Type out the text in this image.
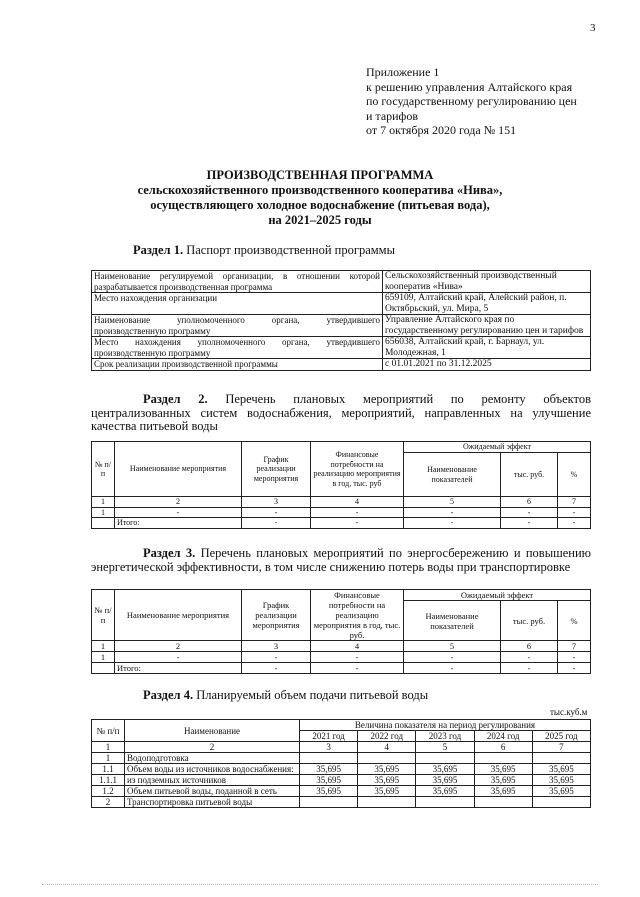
3
Приложение 1
к решению управления Алтайского края
по государственному регулированию цен
и тарифов
от 7 октября 2020 года № 151
ПРОИЗВОДСТВЕННАЯ ПРОГРАММА
сельскохозяйственного производственного кооператива «Нива»,
осуществляющего холодное водоснабжение (питьевая вода),
на 2021–2025 годы
Раздел 1. Паспорт производственной программы
Наименование регулируемой организации, в отношении которой разрабатывается производственная программа	Сельскохозяйственный производственный кооператив «Нива»
Место нахождения организации	659109, Алтайский край, Алейский район, п. Октябрьский, ул. Мира, 5
Наименование уполномоченного органа, утвердившего производственную программу	Управление Алтайского края по государственному регулированию цен и тарифов
Место нахождения уполномоченного органа, утвердившего производственную программу	656038, Алтайский край, г. Барнаул, ул. Молодежная, 1
Срок реализации производственной программы	с 01.01.2021 по 31.12.2025
Раздел 2. Перечень плановых мероприятий по ремонту объектов централизованных систем водоснабжения, мероприятий, направленных на улучшение качества питьевой воды
№ п/п	Наименование мероприятия	График реализации мероприятия	Финансовые потребности на реализацию мероприятия в год, тыс. руб	Ожидаемый эффект		
				Наименование показателей	тыс. руб.	%
1	2	3	4	5	6	7
1	-	-	-	-	-	-
	Итого:	-	-	-	-	-
Раздел 3. Перечень плановых мероприятий по энергосбережению и повышению энергетической эффективности, в том числе снижению потерь воды при транспортировке
№ п/п	Наименование мероприятия	График реализации мероприятия	Финансовые потребности на реализацию мероприятия в год, тыс. руб.	Ожидаемый эффект		
				Наименование показателей	тыс. руб.	%
1	2	3	4	5	6	7
1	-	-	-	-	-	-
	Итого:	-	-	-	-	-
Раздел 4. Планируемый объем подачи питьевой воды
тыс.куб.м
№ п/п	Наименование	Величина показателя на период регулирования				
		2021 год	2022 год	2023 год	2024 год	2025 год
1	2	3	4	5	6	7
1	Водоподготовка					
1.1	Объем воды из источников водоснабжения:	35,695	35,695	35,695	35,695	35,695
1.1.1	из подземных источников	35,695	35,695	35,695	35,695	35,695
1.2	Объем питьевой воды, поданной в сеть	35,695	35,695	35,695	35,695	35,695
2	Транспортировка питьевой воды					
